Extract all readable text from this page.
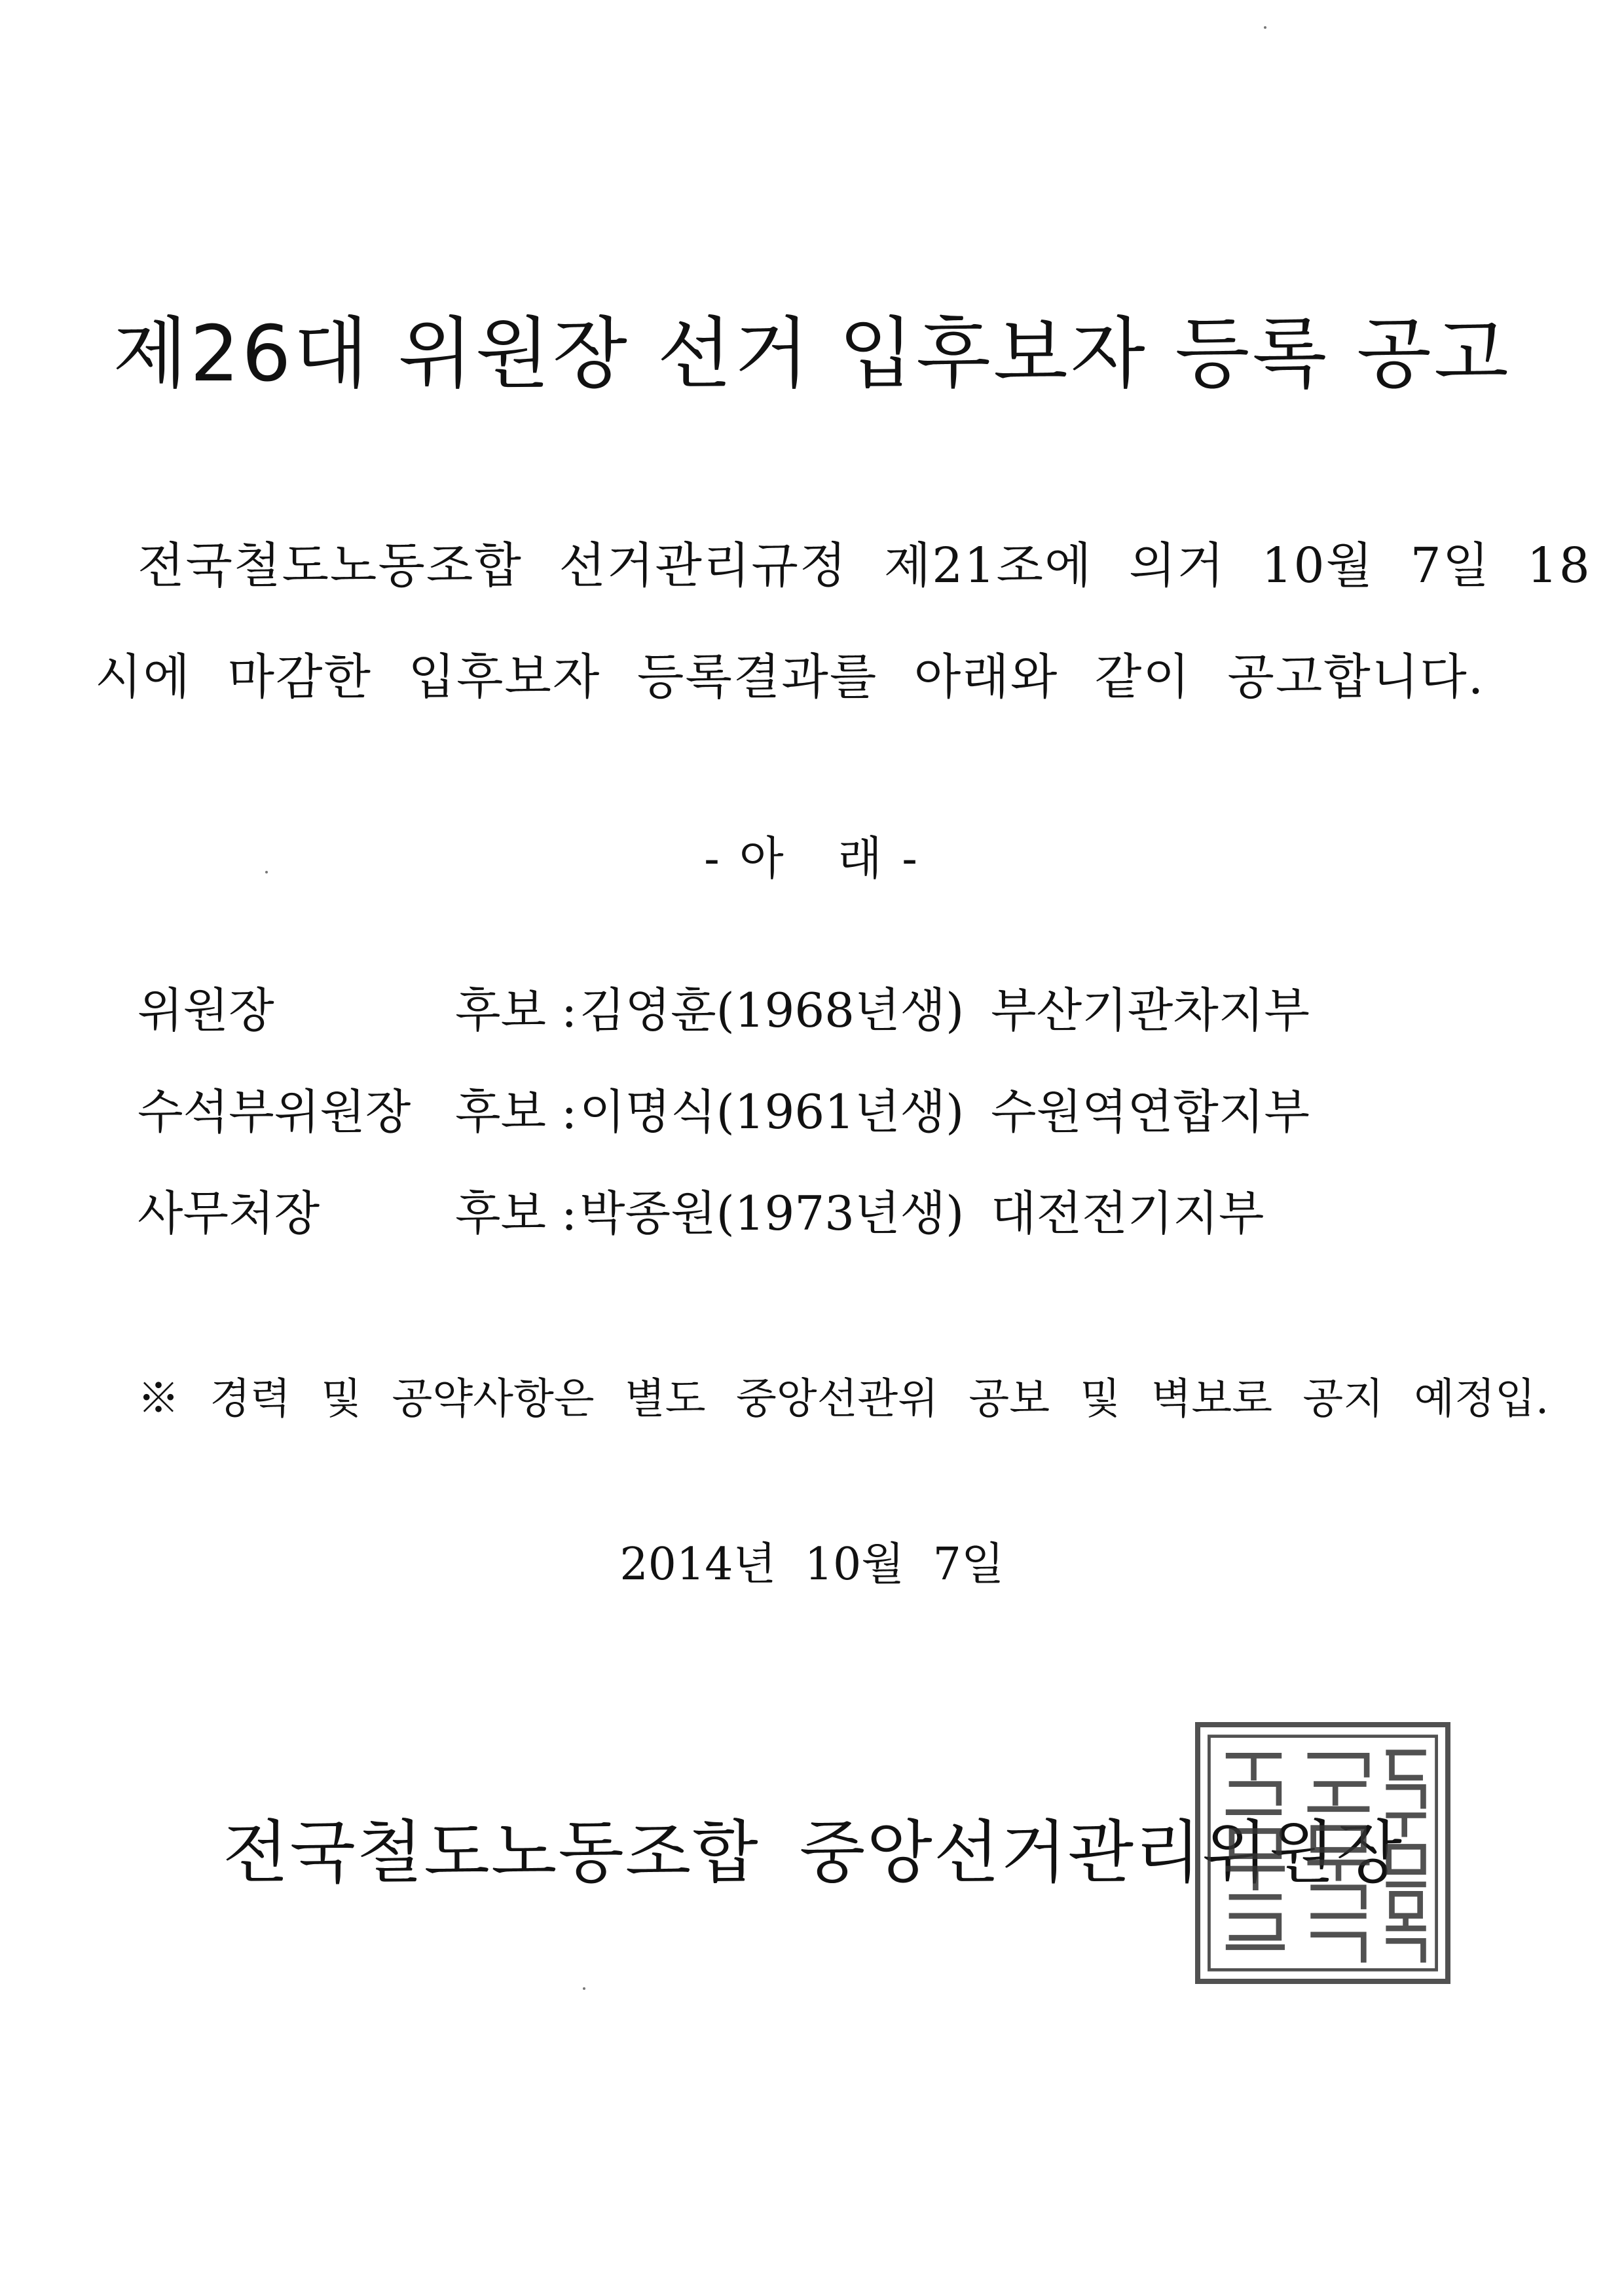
제26대 위원장 선거 입후보자 등록 공고
전국철도노동조합 선거관리규정 제21조에 의거 10월 7일 18
시에 마감한 입후보자 등록결과를 아래와 같이 공고합니다.
- 아   래 -
위원장	후보 : 김영훈(1968년생) 부산기관차지부
수석부위원장 후보 : 이명식(1961년생) 수원역연합지부
사무처장	후보 : 박종원(1973년생) 대전전기지부
※ 경력 및 공약사항은 별도 중앙선관위 공보 및 벽보로 공지 예정입.
2014년 10월 7일
전국철도노동조합 중앙선거관리위원장
